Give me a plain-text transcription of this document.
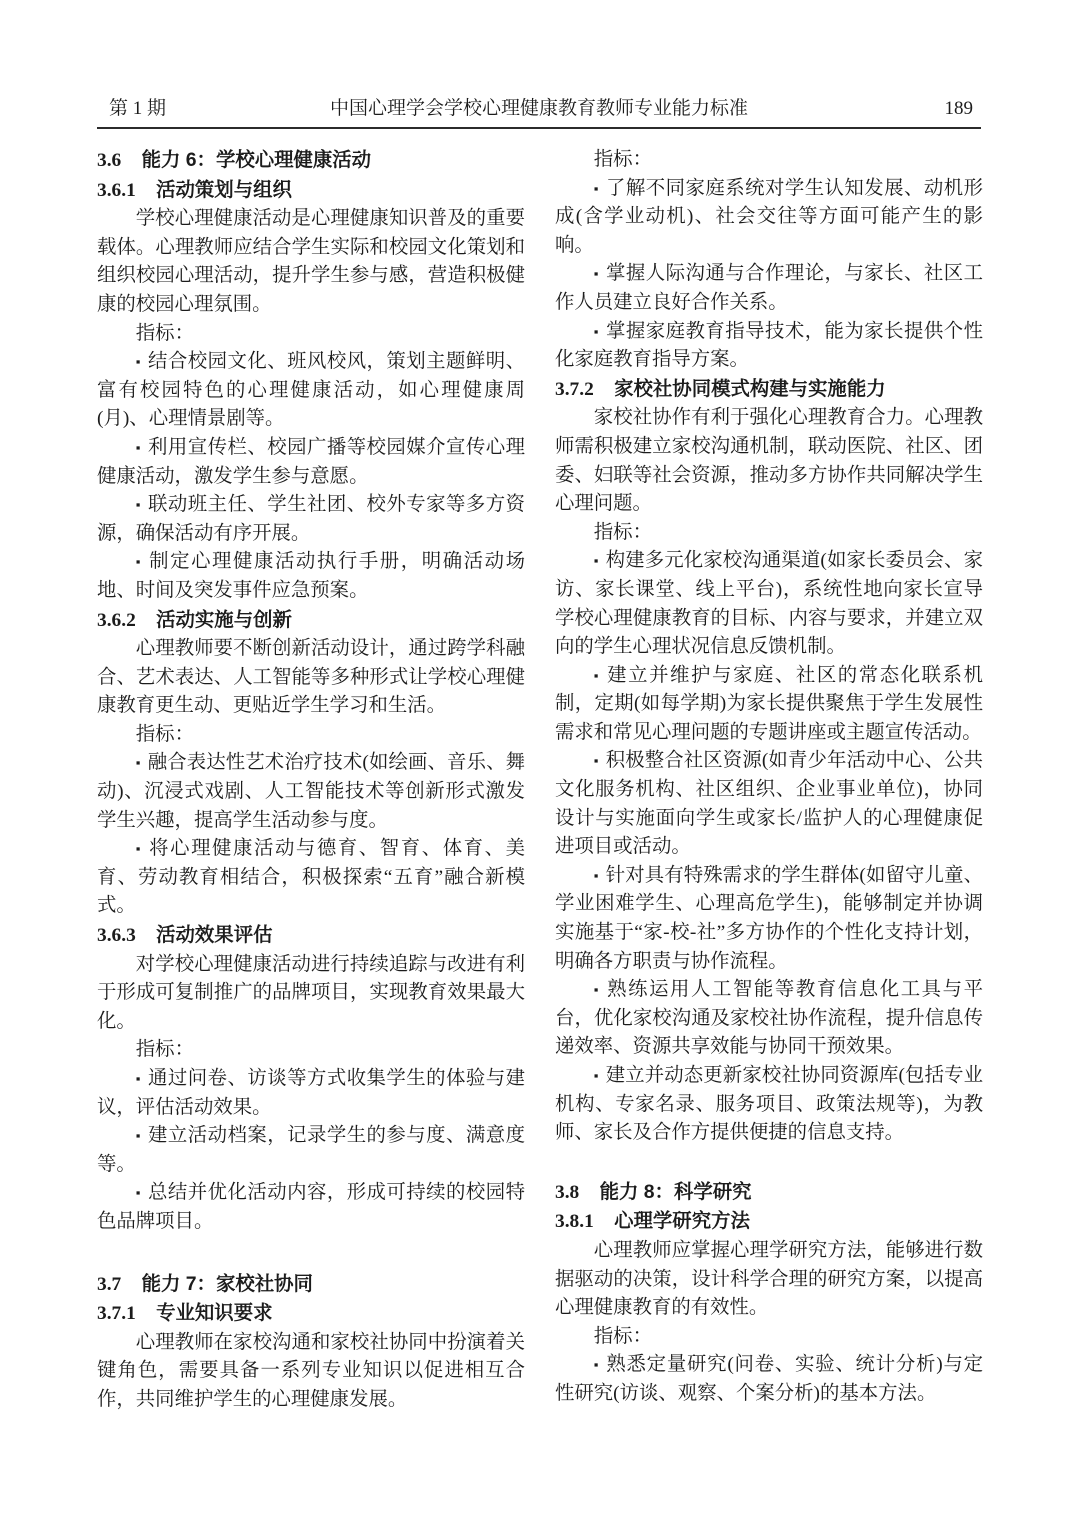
第 1 期	中国心理学会学校心理健康教育教师专业能力标准	189
3.6 能力 6：学校心理健康活动
3.6.1 活动策划与组织

学校心理健康活动是心理健康知识普及的重要载体。心理教师应结合学生实际和校园文化策划和组织校园心理活动，提升学生参与感，营造积极健康的校园心理氛围。

指标：

▪ 结合校园文化、班风校风，策划主题鲜明、富有校园特色的心理健康活动，如心理健康周(月)、心理情景剧等。

▪ 利用宣传栏、校园广播等校园媒介宣传心理健康活动，激发学生参与意愿。

▪ 联动班主任、学生社团、校外专家等多方资源，确保活动有序开展。

▪ 制定心理健康活动执行手册，明确活动场地、时间及突发事件应急预案。

3.6.2 活动实施与创新

心理教师要不断创新活动设计，通过跨学科融合、艺术表达、人工智能等多种形式让学校心理健康教育更生动、更贴近学生学习和生活。

指标：

▪ 融合表达性艺术治疗技术(如绘画、音乐、舞动)、沉浸式戏剧、人工智能技术等创新形式激发学生兴趣，提高学生活动参与度。

▪ 将心理健康活动与德育、智育、体育、美育、劳动教育相结合，积极探索“五育”融合新模式。

3.6.3 活动效果评估

对学校心理健康活动进行持续追踪与改进有利于形成可复制推广的品牌项目，实现教育效果最大化。

指标：

▪ 通过问卷、访谈等方式收集学生的体验与建议，评估活动效果。

▪ 建立活动档案，记录学生的参与度、满意度等。

▪ 总结并优化活动内容，形成可持续的校园特色品牌项目。

3.7 能力 7：家校社协同
3.7.1 专业知识要求

心理教师在家校沟通和家校社协同中扮演着关键角色，需要具备一系列专业知识以促进相互合作，共同维护学生的心理健康发展。

指标：

▪ 了解不同家庭系统对学生认知发展、动机形成(含学业动机)、社会交往等方面可能产生的影响。

▪ 掌握人际沟通与合作理论，与家长、社区工作人员建立良好合作关系。

▪ 掌握家庭教育指导技术，能为家长提供个性化家庭教育指导方案。

3.7.2 家校社协同模式构建与实施能力

家校社协作有利于强化心理教育合力。心理教师需积极建立家校沟通机制，联动医院、社区、团委、妇联等社会资源，推动多方协作共同解决学生心理问题。

指标：

▪ 构建多元化家校沟通渠道(如家长委员会、家访、家长课堂、线上平台)，系统性地向家长宣导学校心理健康教育的目标、内容与要求，并建立双向的学生心理状况信息反馈机制。

▪ 建立并维护与家庭、社区的常态化联系机制，定期(如每学期)为家长提供聚焦于学生发展性需求和常见心理问题的专题讲座或主题宣传活动。

▪ 积极整合社区资源(如青少年活动中心、公共文化服务机构、社区组织、企业事业单位)，协同设计与实施面向学生或家长/监护人的心理健康促进项目或活动。

▪ 针对具有特殊需求的学生群体(如留守儿童、学业困难学生、心理高危学生)，能够制定并协调实施基于“家-校-社”多方协作的个性化支持计划，明确各方职责与协作流程。

▪ 熟练运用人工智能等教育信息化工具与平台，优化家校沟通及家校社协作流程，提升信息传递效率、资源共享效能与协同干预效果。

▪ 建立并动态更新家校社协同资源库(包括专业机构、专家名录、服务项目、政策法规等)，为教师、家长及合作方提供便捷的信息支持。

3.8 能力 8：科学研究
3.8.1 心理学研究方法

心理教师应掌握心理学研究方法，能够进行数据驱动的决策，设计科学合理的研究方案，以提高心理健康教育的有效性。

指标：

▪ 熟悉定量研究(问卷、实验、统计分析)与定性研究(访谈、观察、个案分析)的基本方法。
